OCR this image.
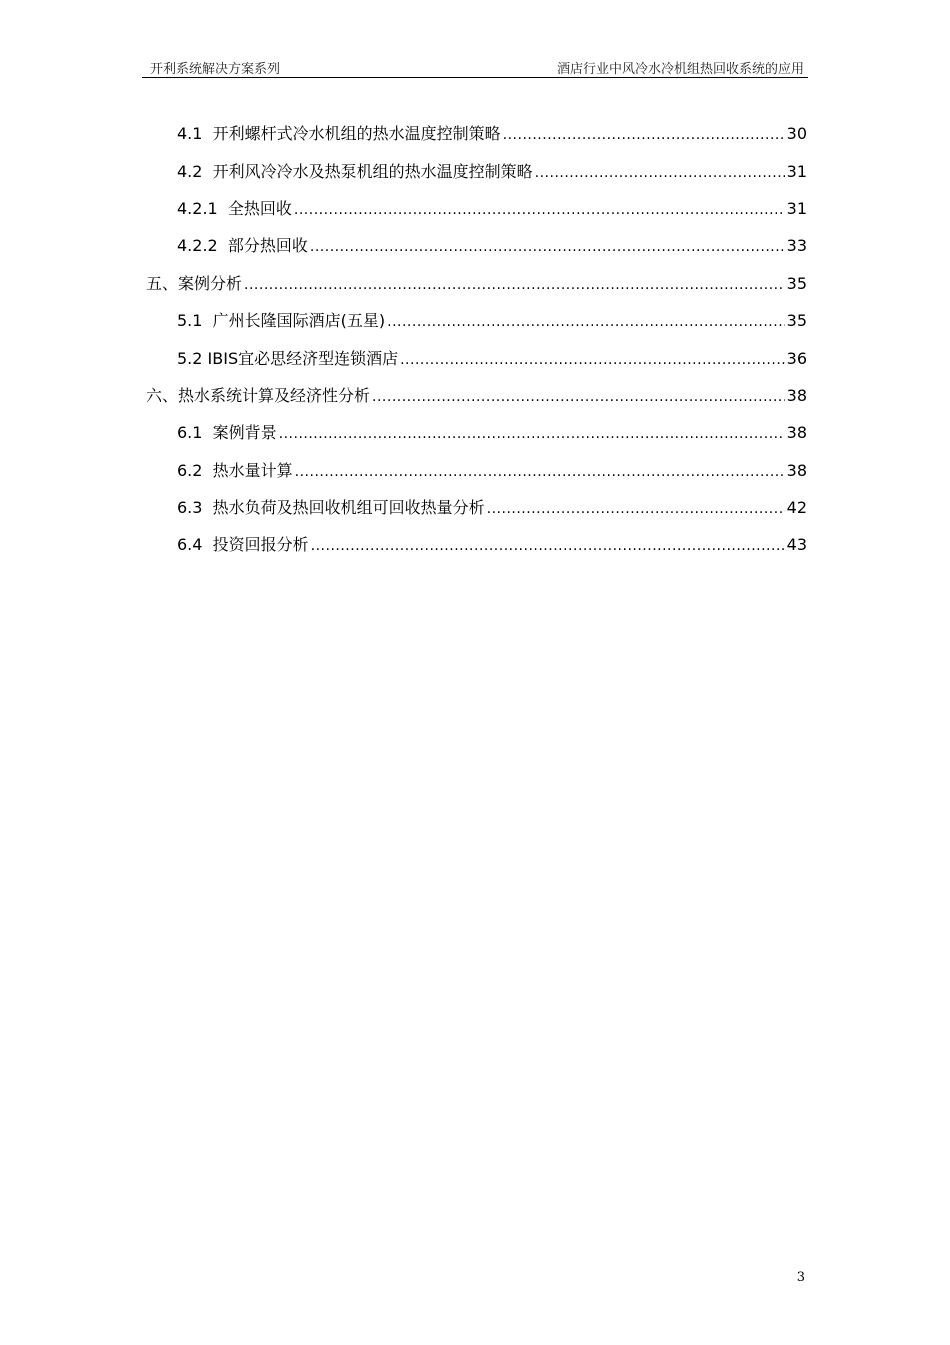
开利系统解决方案系列	酒店行业中风冷水冷机组热回收系统的应用
4.1 开利螺杆式冷水机组的热水温度控制策略 .....	30
4.2 开利风冷冷水及热泵机组的热水温度控制策略 .....	31
4.2.1 全热回收 .....	31
4.2.2 部分热回收 .....	33
五、案例分析 .....	35
5.1 广州长隆国际酒店(五星) .....	35
5.2 IBIS宜必思经济型连锁酒店 .....	36
六、热水系统计算及经济性分析 .....	38
6.1 案例背景 .....	38
6.2 热水量计算 .....	38
6.3 热水负荷及热回收机组可回收热量分析 .....	42
6.4 投资回报分析 .....	43
3
